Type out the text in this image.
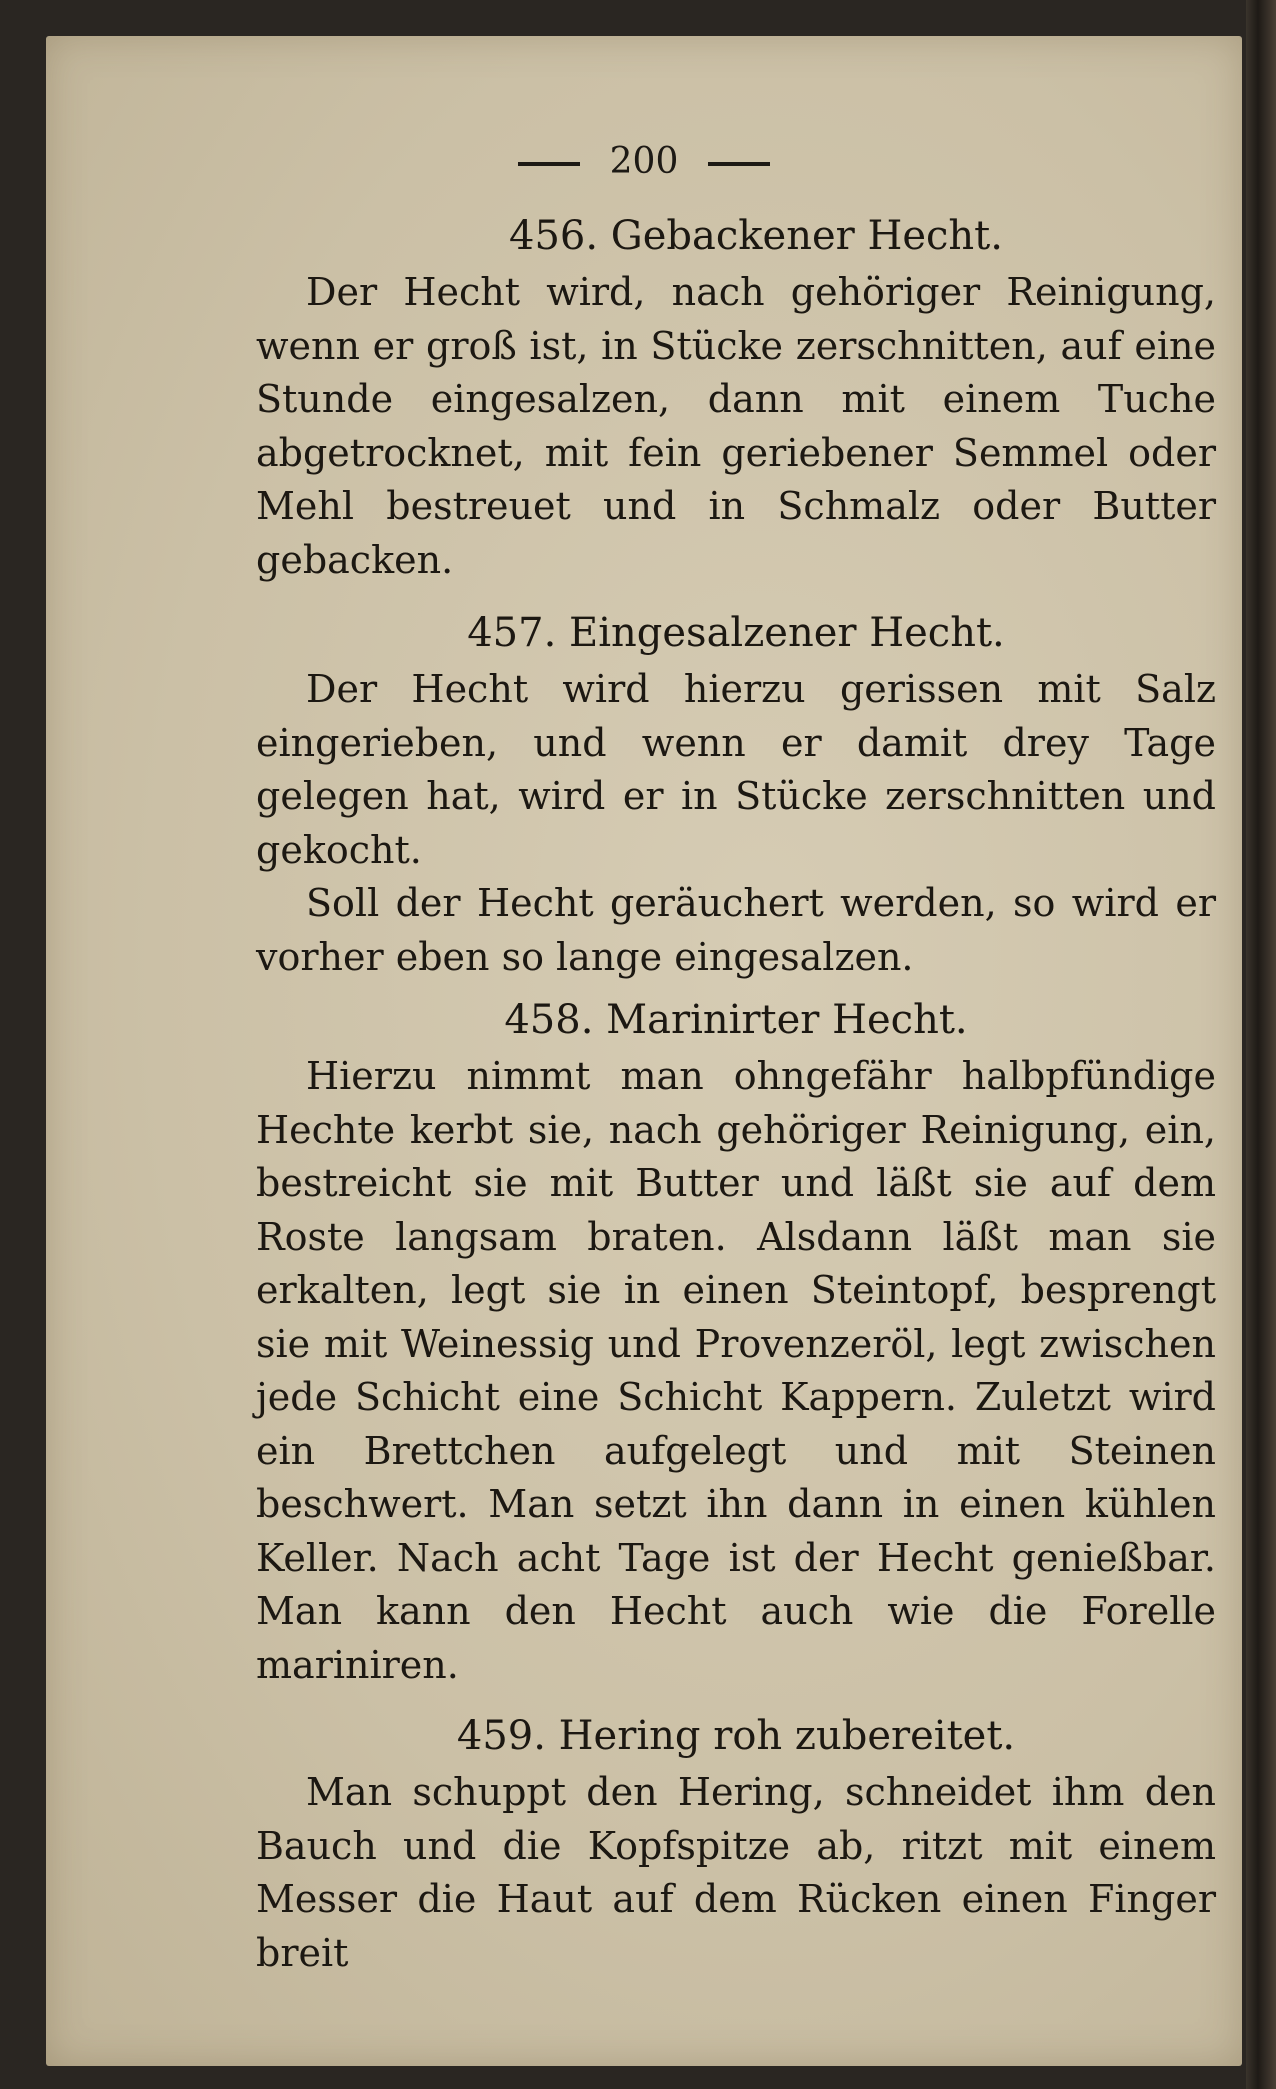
200

456. Gebackener Hecht.

Der Hecht wird, nach gehöriger Reinigung, wenn er groß ist, in Stücke zerschnitten, auf eine Stunde eingesalzen, dann mit einem Tuche abgetrocknet, mit fein geriebener Semmel oder Mehl bestreuet und in Schmalz oder Butter gebacken.

457. Eingesalzener Hecht.

Der Hecht wird hierzu gerissen mit Salz eingerieben, und wenn er damit drey Tage gelegen hat, wird er in Stücke zerschnitten und gekocht.

Soll der Hecht geräuchert werden, so wird er vorher eben so lange eingesalzen.

458. Marinirter Hecht.

Hierzu nimmt man ohngefähr halbpfündige Hechte kerbt sie, nach gehöriger Reinigung, ein, bestreicht sie mit Butter und läßt sie auf dem Roste langsam braten. Alsdann läßt man sie erkalten, legt sie in einen Steintopf, besprengt sie mit Weinessig und Provenzeröl, legt zwischen jede Schicht eine Schicht Kappern. Zuletzt wird ein Brettchen aufgelegt und mit Steinen beschwert. Man setzt ihn dann in einen kühlen Keller. Nach acht Tage ist der Hecht genießbar. Man kann den Hecht auch wie die Forelle mariniren.

459. Hering roh zubereitet.

Man schuppt den Hering, schneidet ihm den Bauch und die Kopfspitze ab, ritzt mit einem Messer die Haut auf dem Rücken einen Finger breit
